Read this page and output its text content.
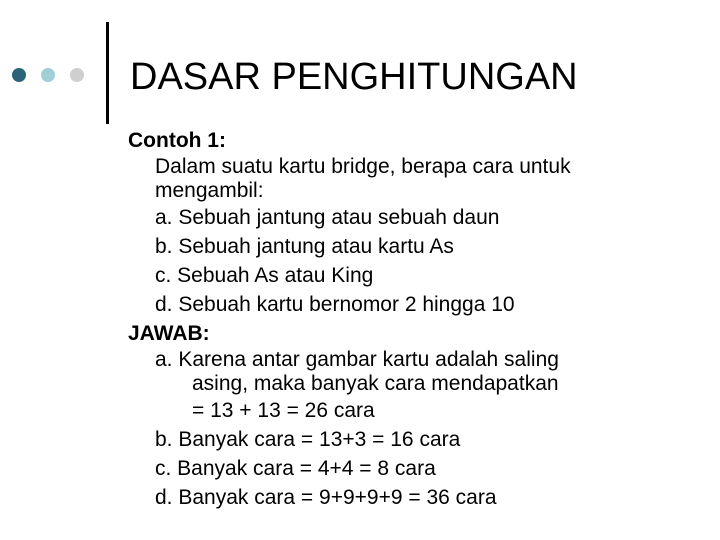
DASAR PENGHITUNGAN
Contoh 1:
Dalam suatu kartu bridge, berapa cara untuk
mengambil:
a. Sebuah jantung atau sebuah daun
b. Sebuah jantung atau kartu As
c. Sebuah As atau King
d. Sebuah kartu bernomor 2 hingga 10
JAWAB:
a. Karena antar gambar kartu adalah saling
asing, maka banyak cara mendapatkan
= 13 + 13 = 26 cara
b. Banyak cara = 13+3 = 16 cara
c. Banyak cara = 4+4 = 8 cara
d. Banyak cara = 9+9+9+9 = 36 cara
